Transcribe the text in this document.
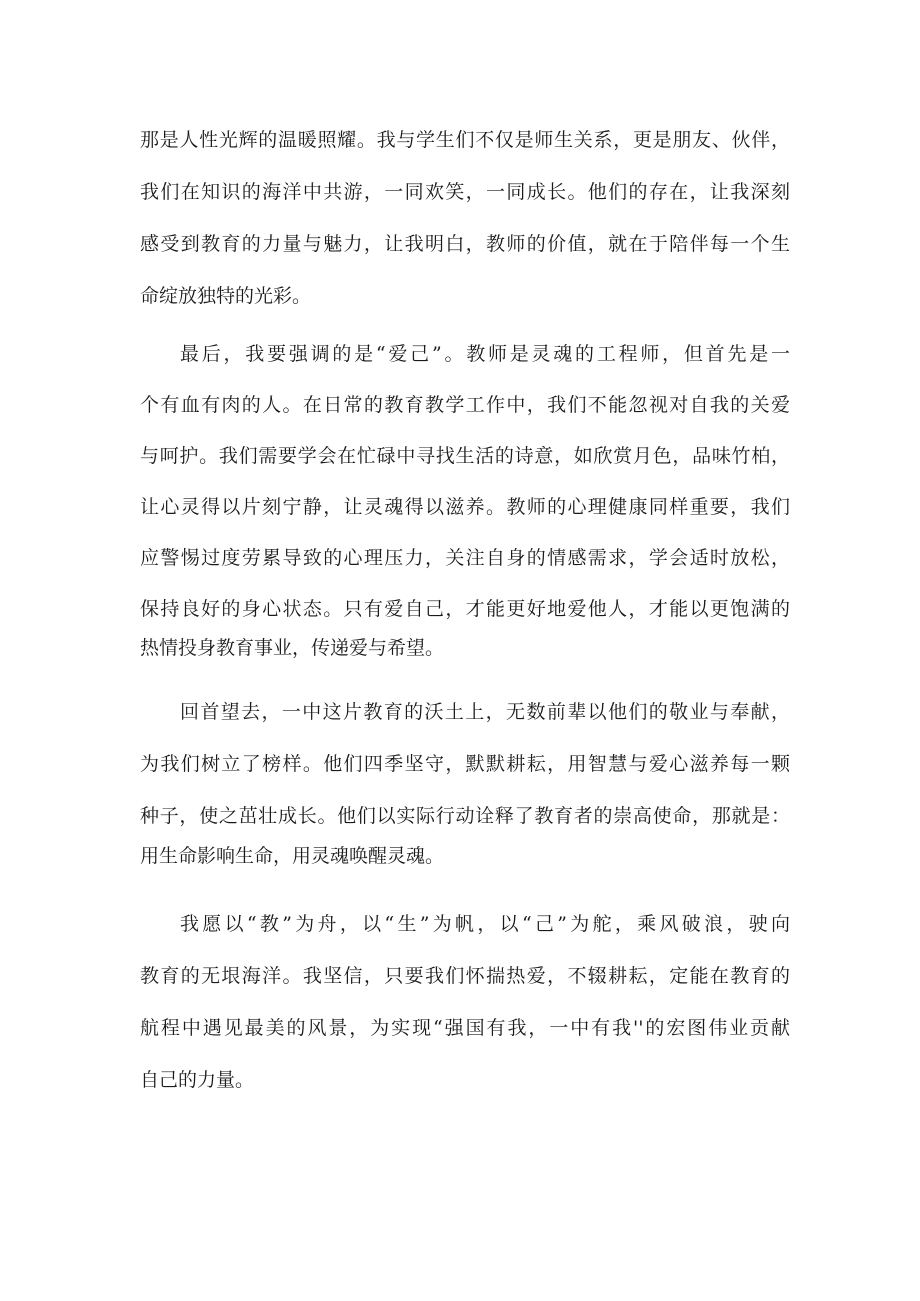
那是人性光辉的温暖照耀。我与学生们不仅是师生关系，更是朋友、伙伴，
我们在知识的海洋中共游，一同欢笑，一同成长。他们的存在，让我深刻
感受到教育的力量与魅力，让我明白，教师的价值，就在于陪伴每一个生
命绽放独特的光彩。
最后，我要强调的是“爱己”。教师是灵魂的工程师，但首先是一
个有血有肉的人。在日常的教育教学工作中，我们不能忽视对自我的关爱
与呵护。我们需要学会在忙碌中寻找生活的诗意，如欣赏月色，品味竹柏，
让心灵得以片刻宁静，让灵魂得以滋养。教师的心理健康同样重要，我们
应警惕过度劳累导致的心理压力，关注自身的情感需求，学会适时放松，
保持良好的身心状态。只有爱自己，才能更好地爱他人，才能以更饱满的
热情投身教育事业，传递爱与希望。
回首望去，一中这片教育的沃土上，无数前辈以他们的敬业与奉献，
为我们树立了榜样。他们四季坚守，默默耕耘，用智慧与爱心滋养每一颗
种子，使之茁壮成长。他们以实际行动诠释了教育者的崇高使命，那就是：
用生命影响生命，用灵魂唤醒灵魂。
我愿以“教”为舟，以“生”为帆，以“己”为舵，乘风破浪，驶向
教育的无垠海洋。我坚信，只要我们怀揣热爱，不辍耕耘，定能在教育的
航程中遇见最美的风景，为实现“强国有我，一中有我''的宏图伟业贡献
自己的力量。
